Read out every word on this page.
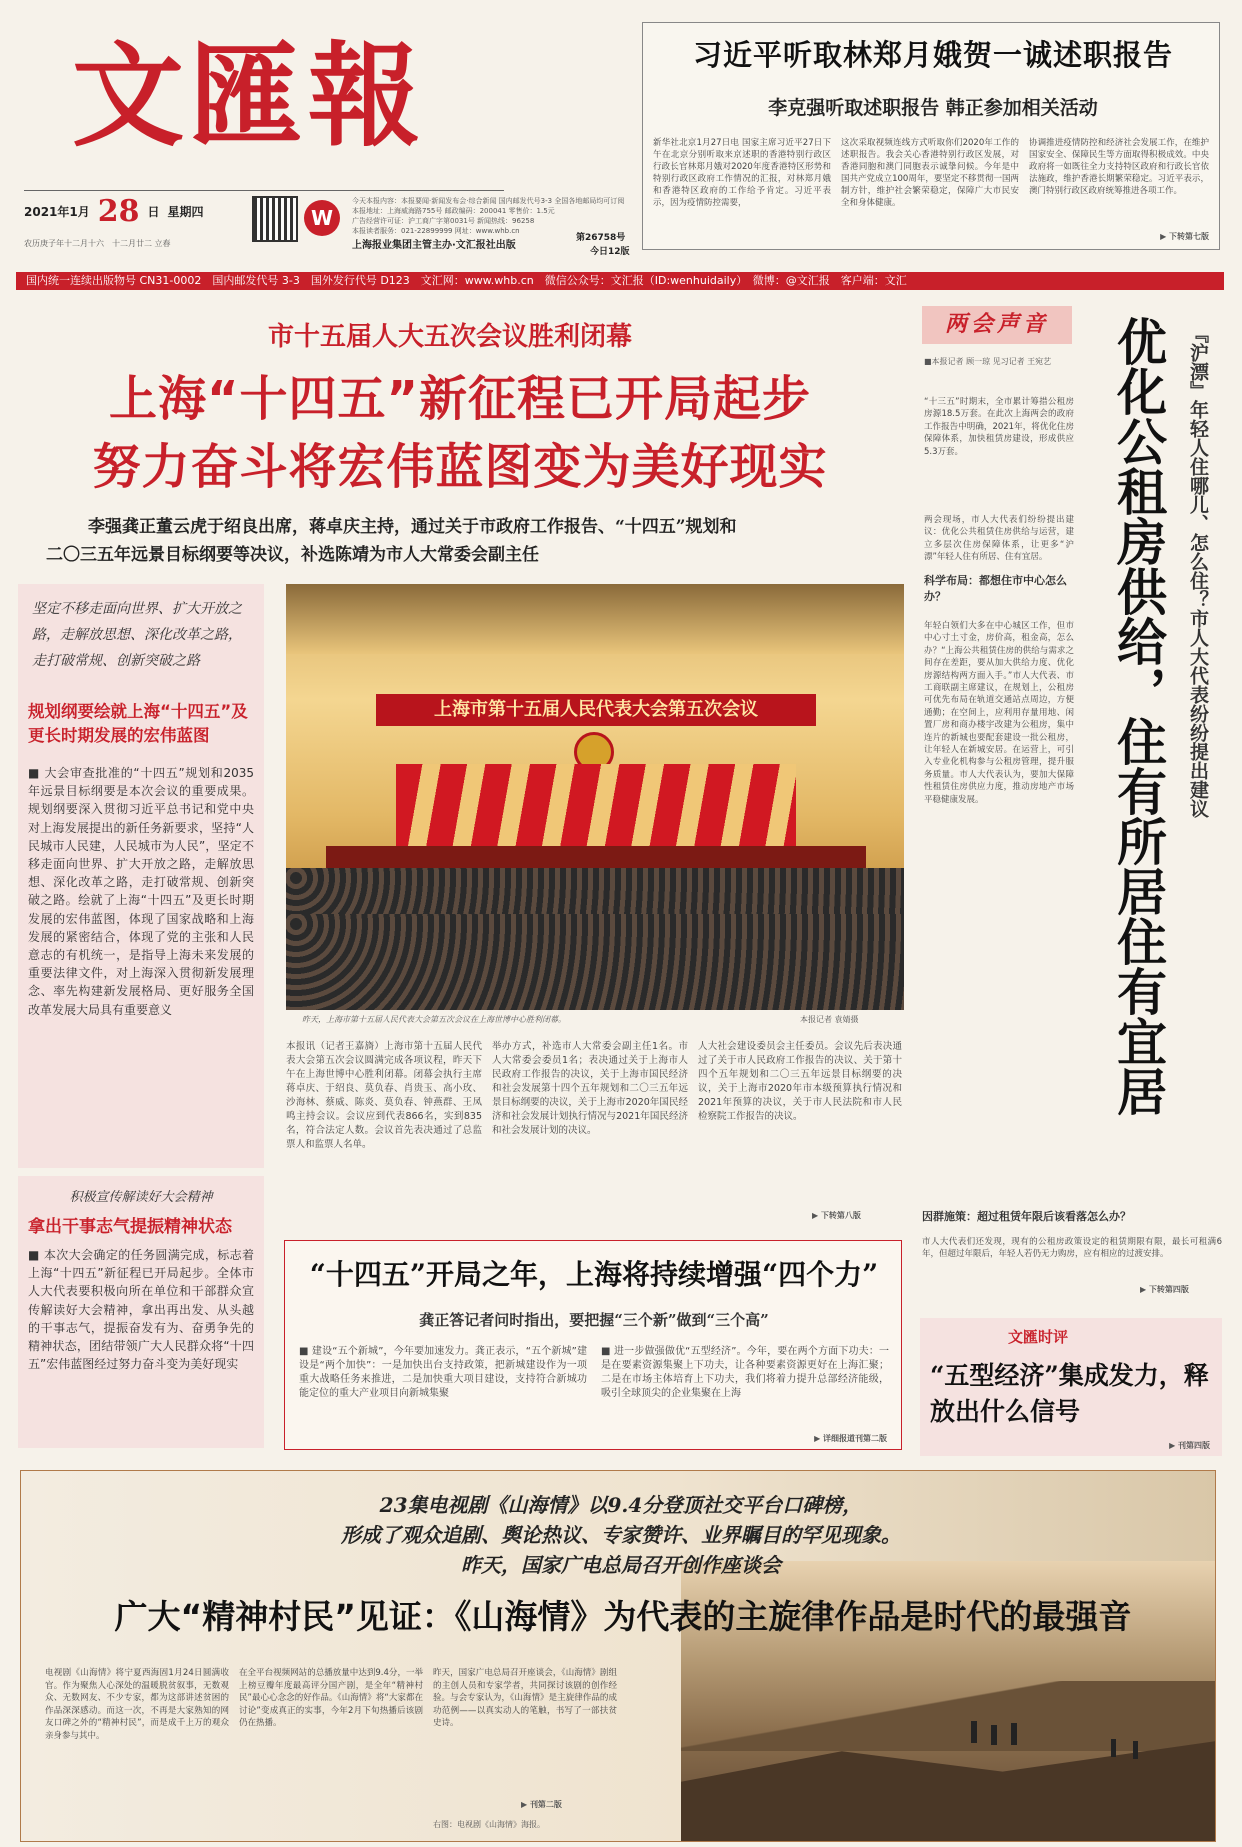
文匯報
2021年1月 28 日 星期四
农历庚子年十二月十六　十二月廿二 立春
W
今天本报内容：本报要闻·新闻发布会·综合新闻 国内邮发代号3-3 全国各地邮局均可订阅
本报地址：上海威海路755号 邮政编码：200041 零售价：1.5元
广告经营许可证：沪工商广字第0031号 新闻热线：96258
本报读者服务：021-22899999 网址：www.whb.cn
上海报业集团主管主办·文汇报社出版
第26758号
今日12版
习近平听取林郑月娥贺一诚述职报告
李克强听取述职报告 韩正参加相关活动
新华社北京1月27日电 国家主席习近平27日下午在北京分别听取来京述职的香港特别行政区行政长官林郑月娥对2020年度香港特区形势和特别行政区政府工作情况的汇报，对林郑月娥和香港特区政府的工作给予肯定。习近平表示，因为疫情防控需要，
这次采取视频连线方式听取你们2020年工作的述职报告。我会关心香港特别行政区发展，对香港同胞和澳门同胞表示诚挚问候。今年是中国共产党成立100周年，要坚定不移贯彻一国两制方针，维护社会繁荣稳定，保障广大市民安全和身体健康。
协调推进疫情防控和经济社会发展工作，在维护国家安全、保障民生等方面取得积极成效。中央政府将一如既往全力支持特区政府和行政长官依法施政，维护香港长期繁荣稳定。习近平表示，澳门特别行政区政府统筹推进各项工作。
▶ 下转第七版
国内统一连续出版物号 CN31-0002　国内邮发代号 3-3　国外发行代号 D123　文汇网：www.whb.cn　微信公众号：文汇报（ID:wenhuidaily）　微博：@文汇报　客户端：文汇
市十五届人大五次会议胜利闭幕
上海“十四五”新征程已开局起步
努力奋斗将宏伟蓝图变为美好现实
李强龚正董云虎于绍良出席，蒋卓庆主持，通过关于市政府工作报告、“十四五”规划和
二〇三五年远景目标纲要等决议，补选陈靖为市人大常委会副主任
坚定不移走面向世界、扩大开放之路，走解放思想、深化改革之路，走打破常规、创新突破之路
规划纲要绘就上海“十四五”及更长时期发展的宏伟蓝图
■ 大会审查批准的“十四五”规划和2035年远景目标纲要是本次会议的重要成果。规划纲要深入贯彻习近平总书记和党中央对上海发展提出的新任务新要求，坚持“人民城市人民建，人民城市为人民”，坚定不移走面向世界、扩大开放之路，走解放思想、深化改革之路，走打破常规、创新突破之路。绘就了上海“十四五”及更长时期发展的宏伟蓝图，体现了国家战略和上海发展的紧密结合，体现了党的主张和人民意志的有机统一，是指导上海未来发展的重要法律文件，对上海深入贯彻新发展理念、率先构建新发展格局、更好服务全国改革发展大局具有重要意义
积极宣传解读好大会精神
拿出干事志气提振精神状态
■ 本次大会确定的任务圆满完成，标志着上海“十四五”新征程已开局起步。全体市人大代表要积极向所在单位和干部群众宣传解读好大会精神，拿出再出发、从头越的干事志气，提振奋发有为、奋勇争先的精神状态，团结带领广大人民群众将“十四五”宏伟蓝图经过努力奋斗变为美好现实
上海市第十五届人民代表大会第五次会议
昨天，上海市第十五届人民代表大会第五次会议在上海世博中心胜利闭幕。	本报记者 袁婧摄
本报讯（记者王嘉旖）上海市第十五届人民代表大会第五次会议圆满完成各项议程，昨天下午在上海世博中心胜利闭幕。闭幕会执行主席蒋卓庆、于绍良、莫负春、肖贵玉、高小玫、沙海林、蔡威、陈炎、莫负春、钟燕群、王凤鸣主持会议。会议应到代表866名，实到835名，符合法定人数。会议首先表决通过了总监票人和监票人名单。
举办方式，补选市人大常委会副主任1名。市人大常委会委员1名；表决通过关于上海市人民政府工作报告的决议，关于上海市国民经济和社会发展第十四个五年规划和二〇三五年远景目标纲要的决议，关于上海市2020年国民经济和社会发展计划执行情况与2021年国民经济和社会发展计划的决议。
人大社会建设委员会主任委员。会议先后表决通过了关于市人民政府工作报告的决议、关于第十四个五年规划和二〇三五年远景目标纲要的决议，关于上海市2020年市本级预算执行情况和2021年预算的决议，关于市人民法院和市人民检察院工作报告的决议。
▶ 下转第八版
“十四五”开局之年，上海将持续增强“四个力”
龚正答记者问时指出，要把握“三个新”做到“三个高”
■ 建设“五个新城”，今年要加速发力。龚正表示，“五个新城”建设是“两个加快”：一是加快出台支持政策，把新城建设作为一项重大战略任务来推进，二是加快重大项目建设，支持符合新城功能定位的重大产业项目向新城集聚
■ 进一步做强做优“五型经济”。今年，要在两个方面下功夫：一是在要素资源集聚上下功夫，让各种要素资源更好在上海汇聚；二是在市场主体培育上下功夫，我们将着力提升总部经济能级，吸引全球顶尖的企业集聚在上海
▶ 详细报道刊第二版
两会声音
■本报记者 顾一琼 见习记者 王宛艺
“十三五”时期末，全市累计筹措公租房房源18.5万套。在此次上海两会的政府工作报告中明确，2021年，将优化住房保障体系，加快租赁房建设，形成供应5.3万套。
两会现场，市人大代表们纷纷提出建议：优化公共租赁住房供给与运营，建立多层次住房保障体系，让更多“沪漂”年轻人住有所居、住有宜居。
科学布局：都想住市中心怎么办？
年轻白领们大多在中心城区工作，但市中心寸土寸金，房价高，租金高，怎么办？“上海公共租赁住房的供给与需求之间存在差距，要从加大供给力度、优化房源结构两方面入手。”市人大代表、市工商联副主席建议，在规划上，公租房可优先布局在轨道交通站点周边，方便通勤；在空间上，应利用存量用地、闲置厂房和商办楼宇改建为公租房，集中连片的新城也要配套建设一批公租房，让年轻人在新城安居。在运营上，可引入专业化机构参与公租房管理，提升服务质量。市人大代表认为，要加大保障性租赁住房供应力度，推动房地产市场平稳健康发展。	优化公租房供给，住有所居住有宜居 『沪漂』年轻人住哪儿、怎么住？市人大代表纷纷提出建议
因群施策：超过租赁年限后该看落怎么办？
市人大代表们还发现，现有的公租房政策设定的租赁期限有限，最长可租满6年，但超过年限后，年轻人若仍无力购房，应有相应的过渡安排。
▶ 下转第四版
文匯时评
“五型经济”集成发力，释放出什么信号
▶ 刊第四版
23集电视剧《山海情》以9.4分登顶社交平台口碑榜，
形成了观众追剧、舆论热议、专家赞许、业界瞩目的罕见现象。
昨天，国家广电总局召开创作座谈会
广大“精神村民”见证：《山海情》为代表的主旋律作品是时代的最强音
电视剧《山海情》将宁夏西海固1月24日圆满收官。作为聚焦人心深处的温暖脱贫叙事，无数观众、无数网友、不少专家，都为这部讲述贫困的作品深深感动。而这一次，不再是大家熟知的网友口碑之外的“精神村民”，而是成千上万的观众亲身参与其中。
在全平台视频网站的总播放量中达到9.4分，一举上榜豆瓣年度最高评分国产剧，是全年“精神村民”最心心念念的好作品。《山海情》将“大家都在讨论”变成真正的实事，今年2月下旬热播后该剧仍在热播。
昨天，国家广电总局召开座谈会，《山海情》剧组的主创人员和专家学者，共同探讨该剧的创作经验。与会专家认为，《山海情》是主旋律作品的成功范例——以真实动人的笔触，书写了一部扶贫史诗。
▶ 刊第二版
右图：电视剧《山海情》海报。
